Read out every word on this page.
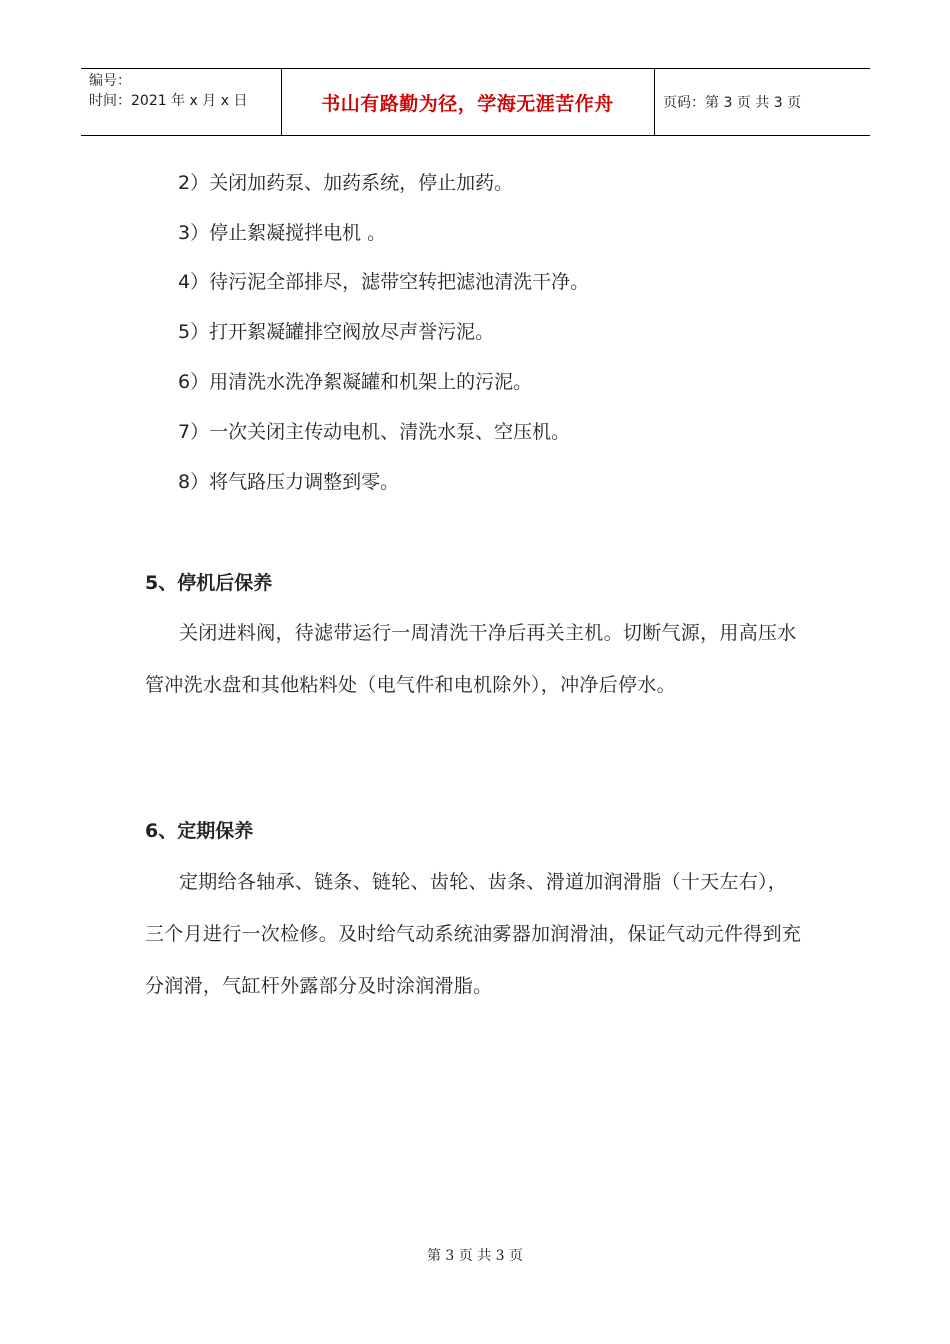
编号：
时间：2021 年 x 月 x 日	书山有路勤为径，学海无涯苦作舟	页码：第 3 页 共 3 页
2）关闭加药泵、加药系统，停止加药。
3）停止絮凝搅拌电机 。
4）待污泥全部排尽，滤带空转把滤池清洗干净。
5）打开絮凝罐排空阀放尽声誉污泥。
6）用清洗水洗净絮凝罐和机架上的污泥。
7）一次关闭主传动电机、清洗水泵、空压机。
8）将气路压力调整到零。
5、停机后保养
关闭进料阀，待滤带运行一周清洗干净后再关主机。切断气源，用高压水管冲洗水盘和其他粘料处（电气件和电机除外），冲净后停水。
6、定期保养
定期给各轴承、链条、链轮、齿轮、齿条、滑道加润滑脂（十天左右），三个月进行一次检修。及时给气动系统油雾器加润滑油，保证气动元件得到充分润滑，气缸杆外露部分及时涂润滑脂。
第 3 页 共 3 页
